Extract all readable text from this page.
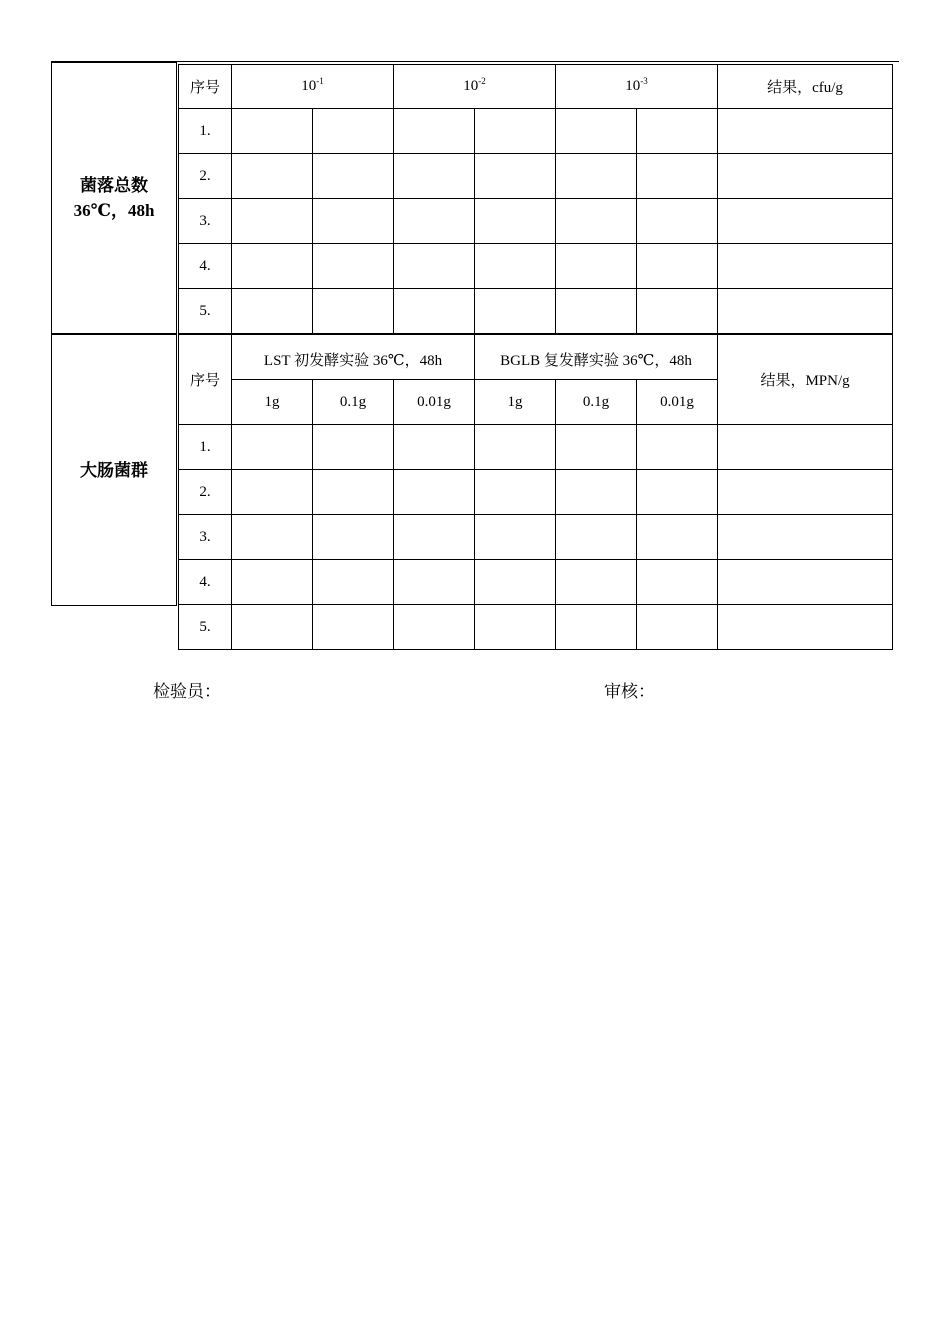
菌落总数
36℃，48h
序号	$10^{-1}$		$10^{-2}$		$10^{-3}$		结果，cfu/g
1.							
2.							
3.							
4.							
5.							
大肠菌群
序号	LST 初发酵实验 36℃，48h			BGLB 复发酵实验 36℃，48h			结果，MPN/g
	1g	0.1g	0.01g	1g	0.1g	0.01g	
1.							
2.							
3.							
4.							
5.							
检验员：	审核：
